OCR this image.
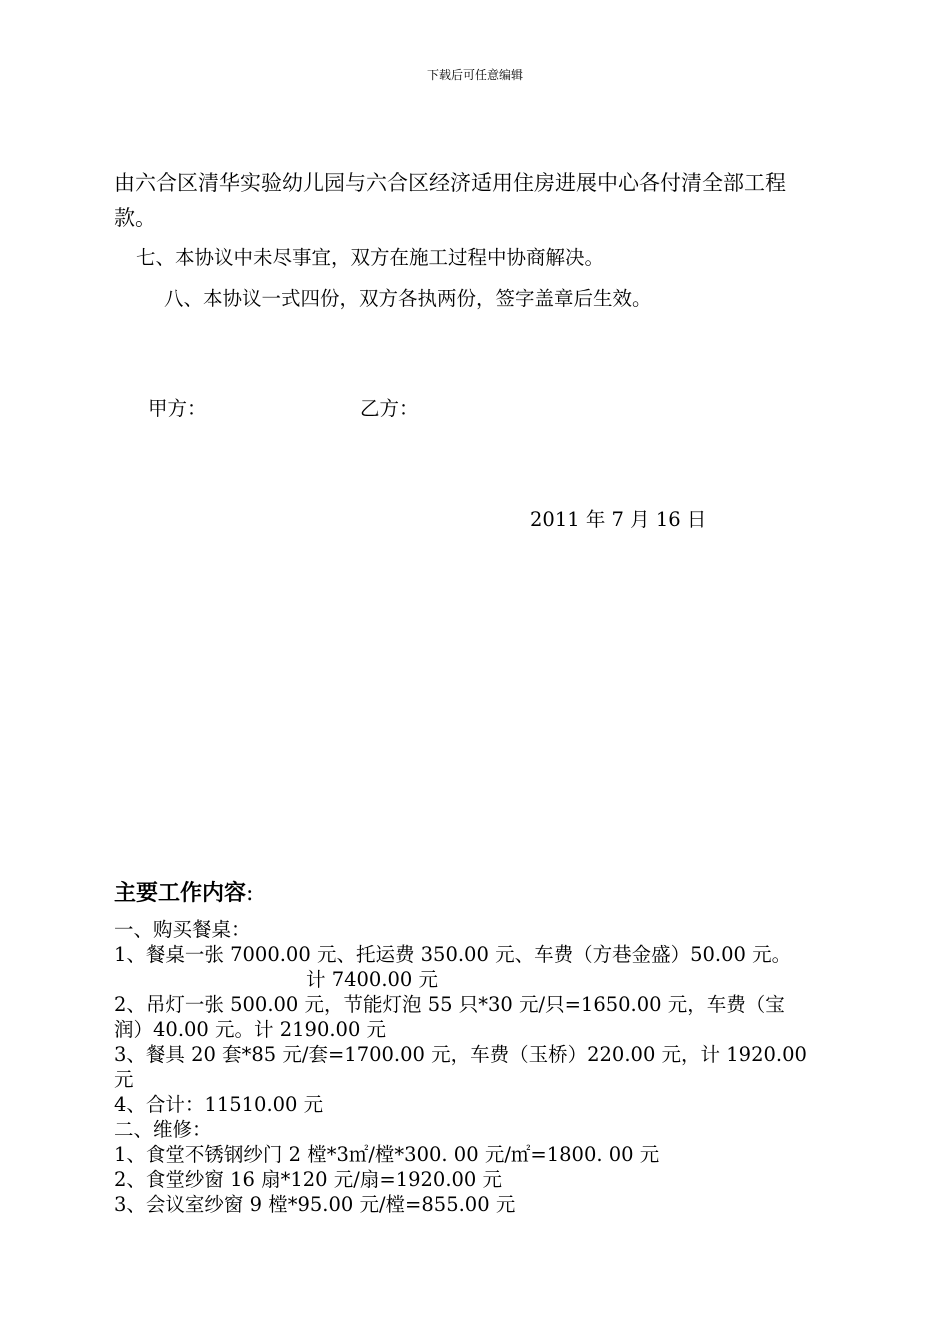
下载后可任意编辑

由六合区清华实验幼儿园与六合区经济适用住房进展中心各付清全部工程

款。

七、本协议中未尽事宜，双方在施工过程中协商解决。

八、本协议一式四份，双方各执两份，签字盖章后生效。

甲方：	乙方：

2011 年 7 月 16 日

主要工作内容:

一、购买餐桌：

1、餐桌一张 7000.00 元、托运费 350.00 元、车费（方巷金盛）50.00 元。

计 7400.00 元

2、吊灯一张 500.00 元，节能灯泡 55 只*30 元/只=1650.00 元，车费（宝

润）40.00 元。计 2190.00 元

3、餐具 20 套*85 元/套=1700.00 元，车费（玉桥）220.00 元，计 1920.00

元

4、合计：11510.00 元

二、维修：

1、食堂不锈钢纱门 2 樘*3㎡/樘*300. 00 元/㎡=1800. 00 元

2、食堂纱窗 16 扇*120 元/扇=1920.00 元

3、会议室纱窗 9 樘*95.00 元/樘=855.00 元
